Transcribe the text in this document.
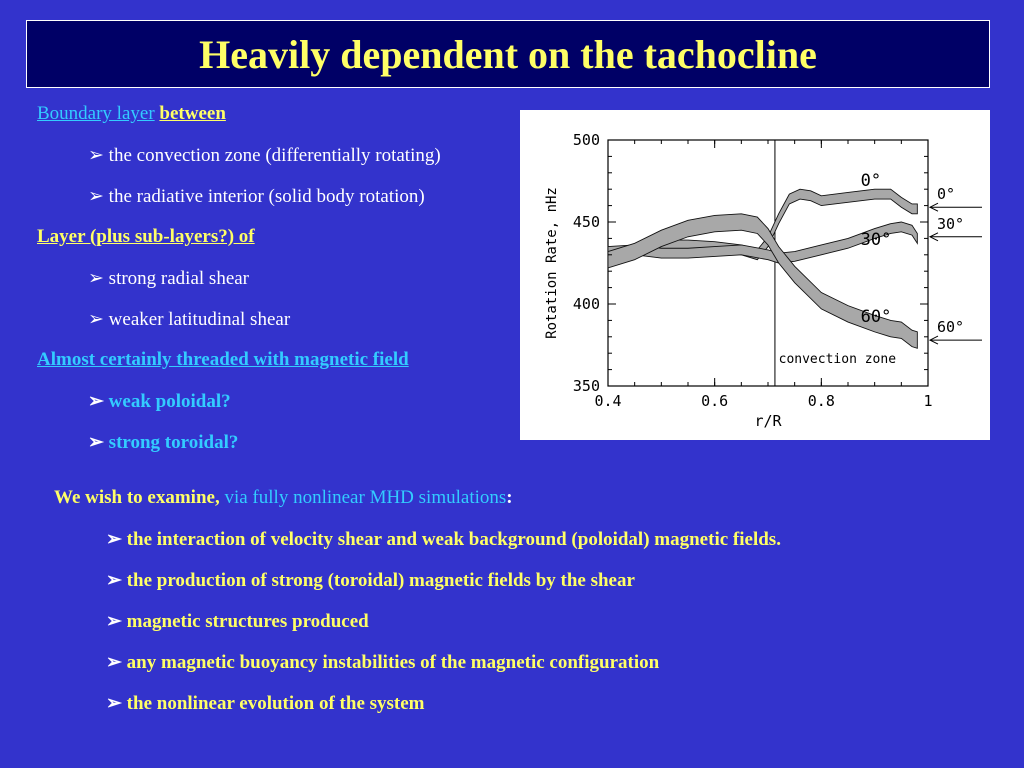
Heavily dependent on the tachocline
Boundary layer between
➢ the convection zone (differentially rotating)
➢ the radiative interior (solid body rotation)
Layer (plus sub-layers?) of
➢ strong radial shear
➢ weaker latitudinal shear
Almost certainly threaded with magnetic field
➢ weak poloidal?
➢ strong toroidal?
We wish to examine, via fully nonlinear MHD simulations:
➢ the interaction of velocity shear and weak background (poloidal) magnetic fields.
➢ the production of strong (toroidal) magnetic fields by the shear
➢ magnetic structures produced
➢ any magnetic buoyancy instabilities of the magnetic configuration
➢ the nonlinear evolution of the system
0.4	0.6	0.8	1
350
400
450
500
r/R
Rotation Rate, nHz
0°
30°
60°
convection zone
0°
30°
60°
